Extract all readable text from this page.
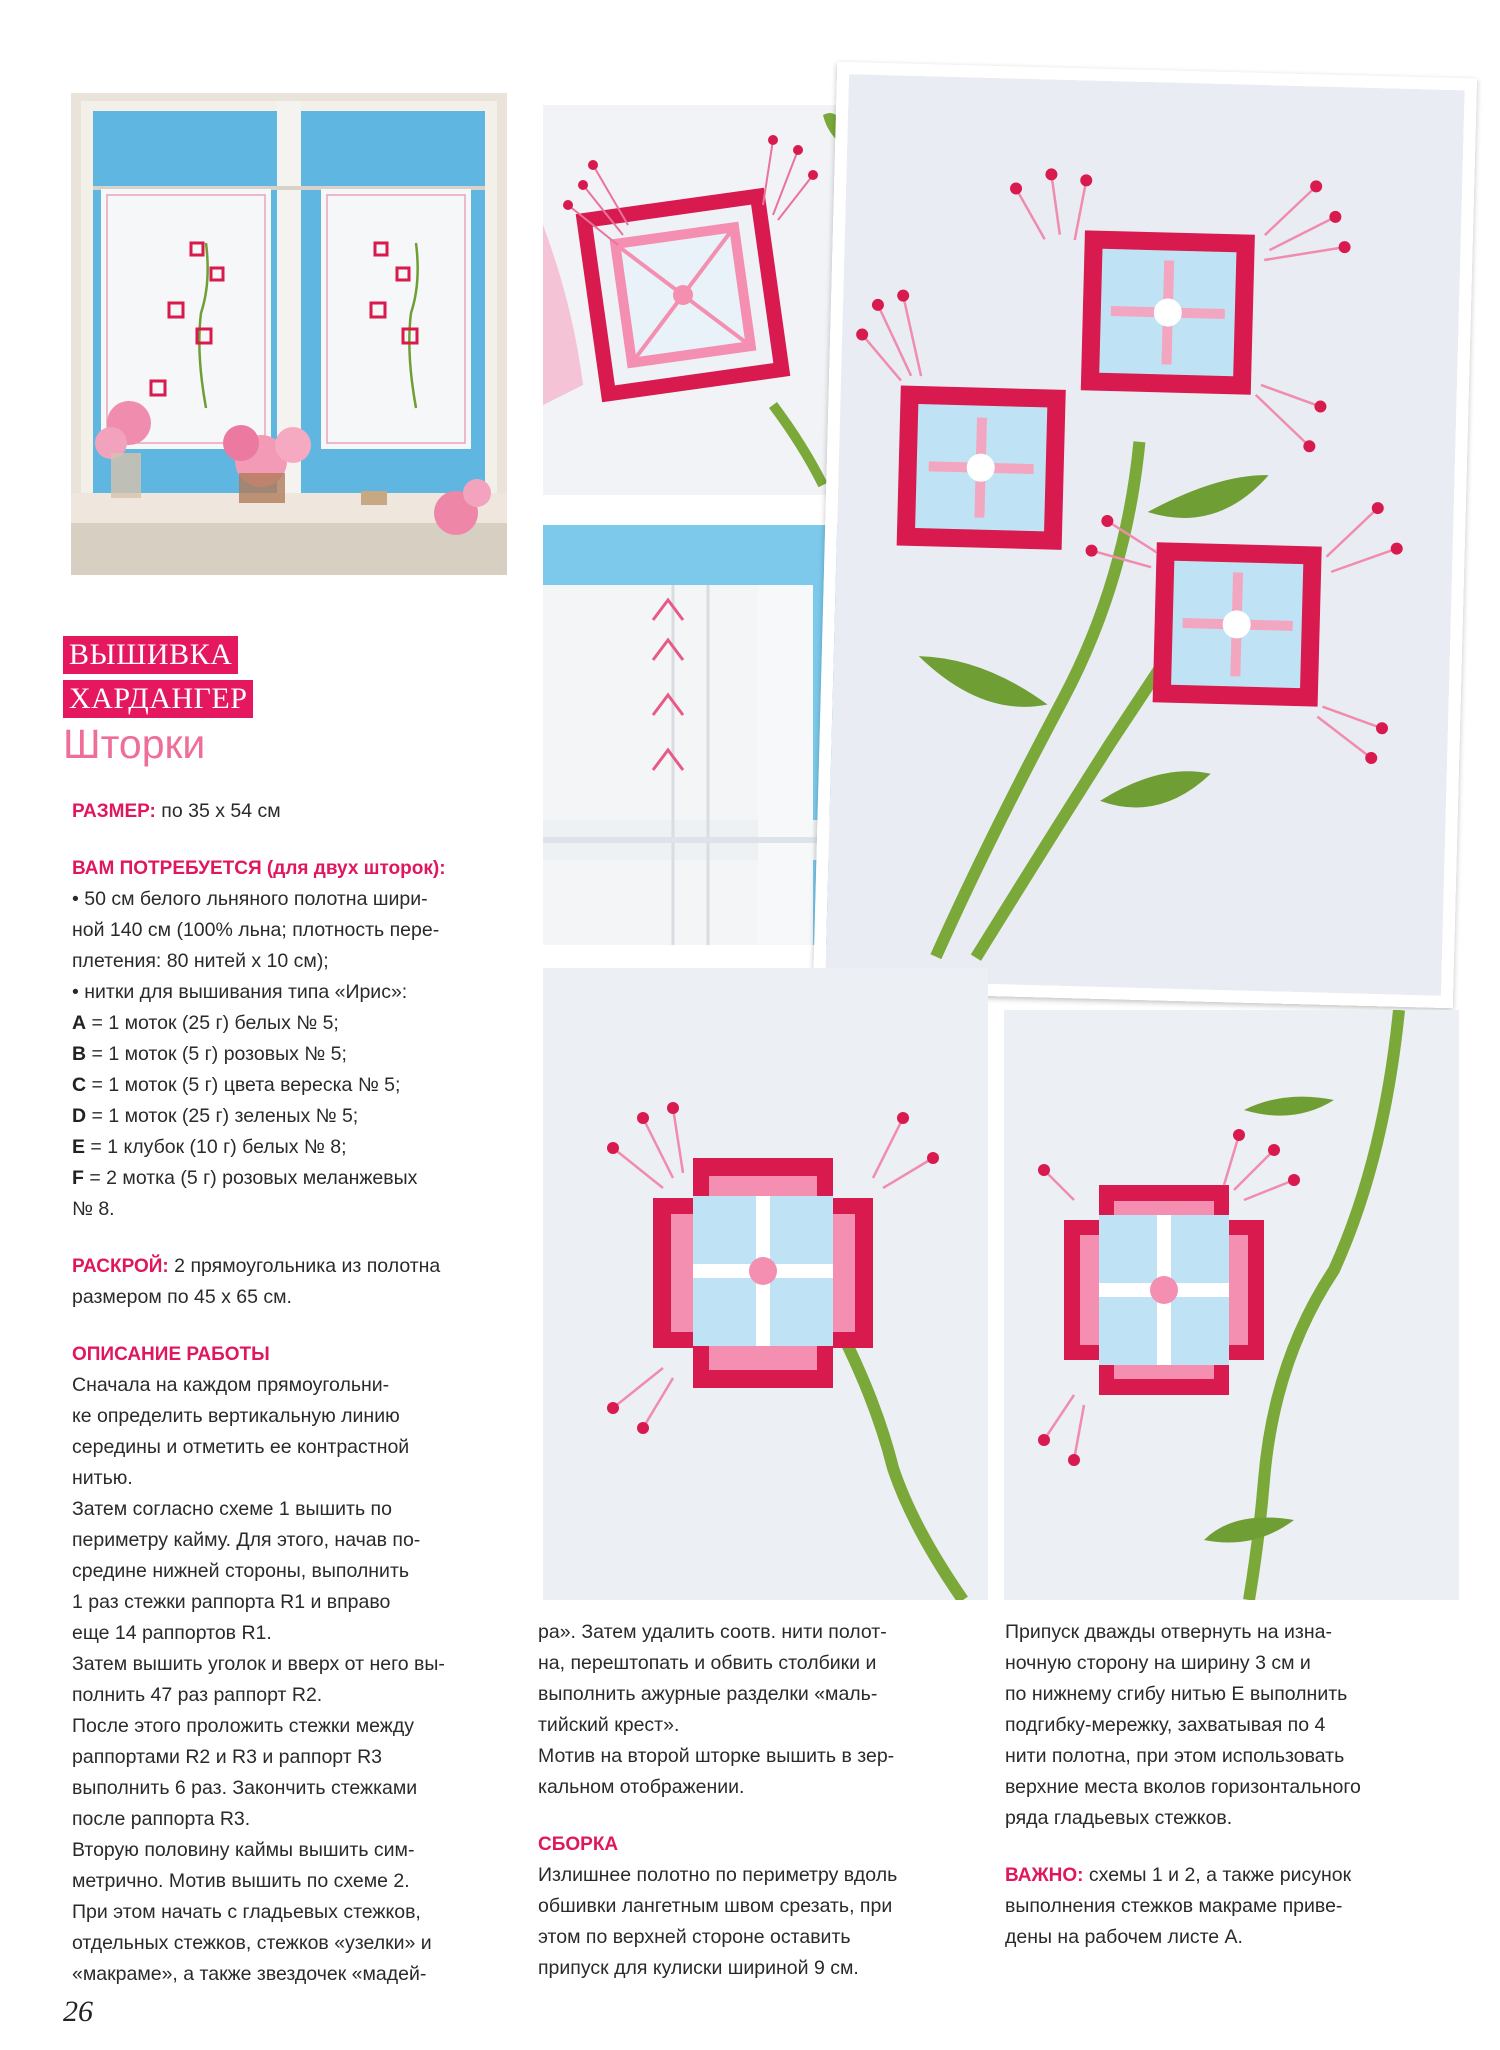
ВЫШИВКА
ХАРДАНГЕР
Шторки

РАЗМЕР: по 35 х 54 см

ВАМ ПОТРЕБУЕТСЯ (для двух шторок):

• 50 см белого льняного полотна шири-

ной 140 см (100% льна; плотность пере-

плетения: 80 нитей х 10 см);

• нитки для вышивания типа «Ирис»:

A = 1 моток (25 г) белых № 5;

B = 1 моток (5 г) розовых № 5;

C = 1 моток (5 г) цвета вереска № 5;

D = 1 моток (25 г) зеленых № 5;

E = 1 клубок (10 г) белых № 8;

F = 2 мотка (5 г) розовых меланжевых

№ 8.

РАСКРОЙ: 2 прямоугольника из полотна

размером по 45 х 65 см.

ОПИСАНИЕ РАБОТЫ

Сначала на каждом прямоугольни-

ке определить вертикальную линию

середины и отметить ее контрастной

нитью.

Затем согласно схеме 1 вышить по

периметру кайму. Для этого, начав по-

средине нижней стороны, выполнить

1 раз стежки раппорта R1 и вправо

еще 14 раппортов R1.

Затем вышить уголок и вверх от него вы-

полнить 47 раз раппорт R2.

После этого проложить стежки между

раппортами R2 и R3 и раппорт R3

выполнить 6 раз. Закончить стежками

после раппорта R3.

Вторую половину каймы вышить сим-

метрично. Мотив вышить по схеме 2.

При этом начать с гладьевых стежков,

отдельных стежков, стежков «узелки» и

«макраме», а также звездочек «мадей-

ра». Затем удалить соотв. нити полот-

на, перештопать и обвить столбики и

выполнить ажурные разделки «маль-

тийский крест».

Мотив на второй шторке вышить в зер-

кальном отображении.

СБОРКА

Излишнее полотно по периметру вдоль

обшивки лангетным швом срезать, при

этом по верхней стороне оставить

припуск для кулиски шириной 9 см.

Припуск дважды отвернуть на изна-

ночную сторону на ширину 3 см и

по нижнему сгибу нитью E выполнить

подгибку-мережку, захватывая по 4

нити полотна, при этом использовать

верхние места вколов горизонтального

ряда гладьевых стежков.

ВАЖНО: схемы 1 и 2, а также рисунок

выполнения стежков макраме приве-

дены на рабочем листе A.

26
